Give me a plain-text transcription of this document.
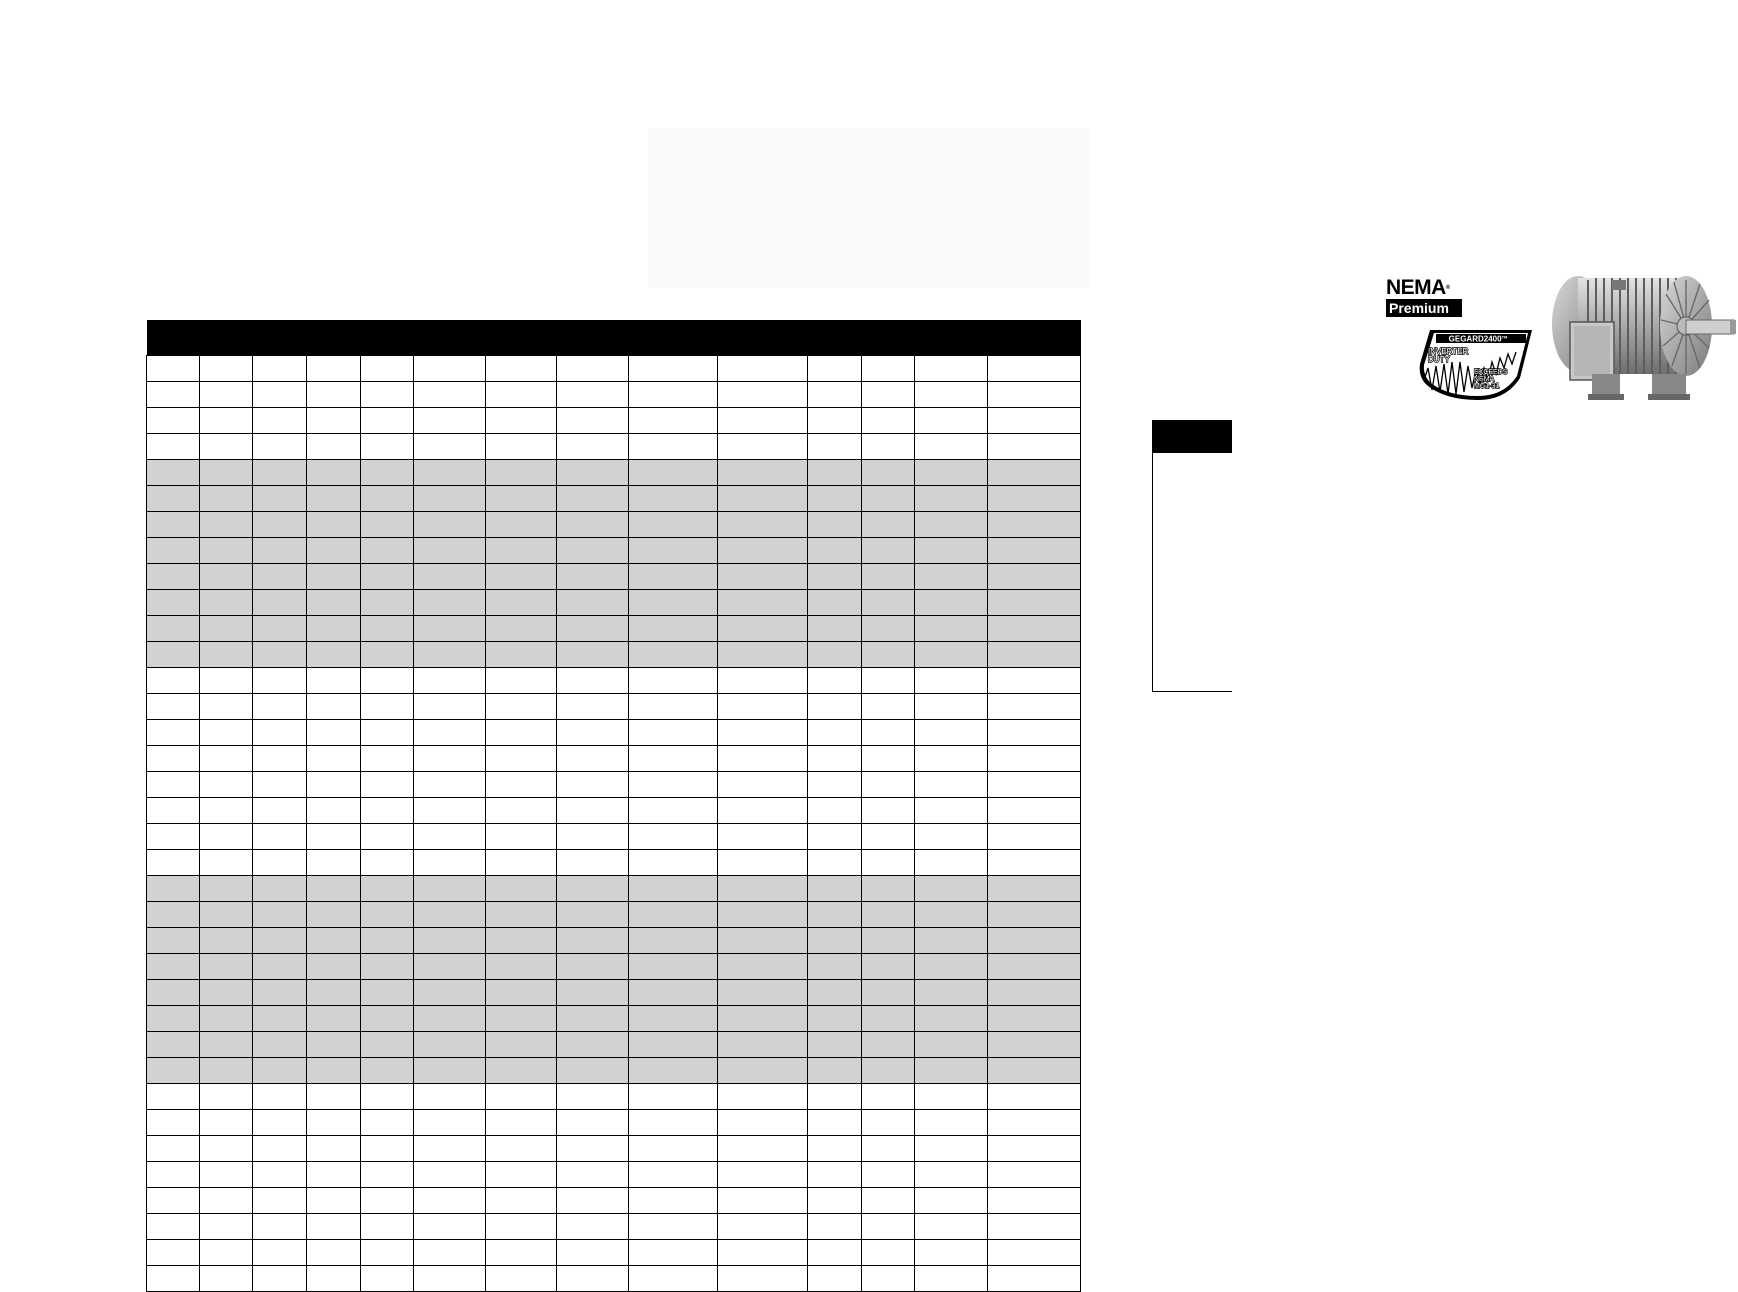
NEMA®
Premium
GEGARD2400™
INVERTER
DUTY
EXCEEDS
NEMA
MG1-31
